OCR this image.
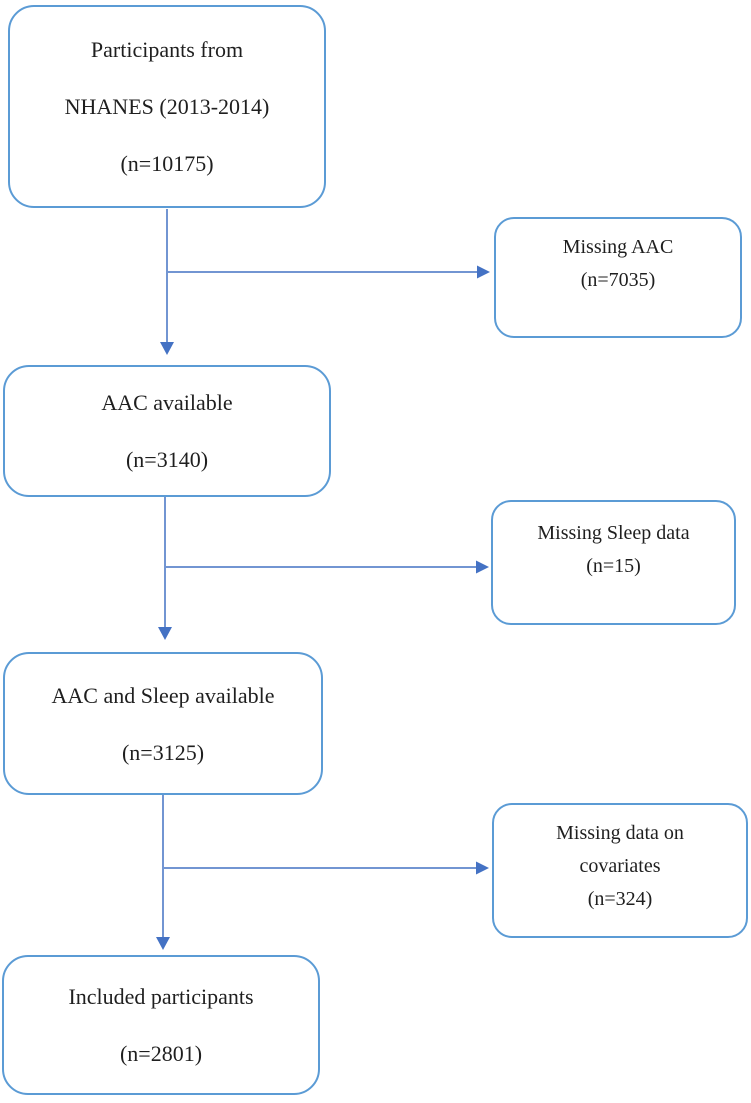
Participants from
NHANES (2013-2014)
(n=10175)
Missing AAC
(n=7035)
AAC available
(n=3140)
Missing Sleep data
(n=15)
AAC and Sleep available
(n=3125)
Missing data on
covariates
(n=324)
Included participants
(n=2801)
